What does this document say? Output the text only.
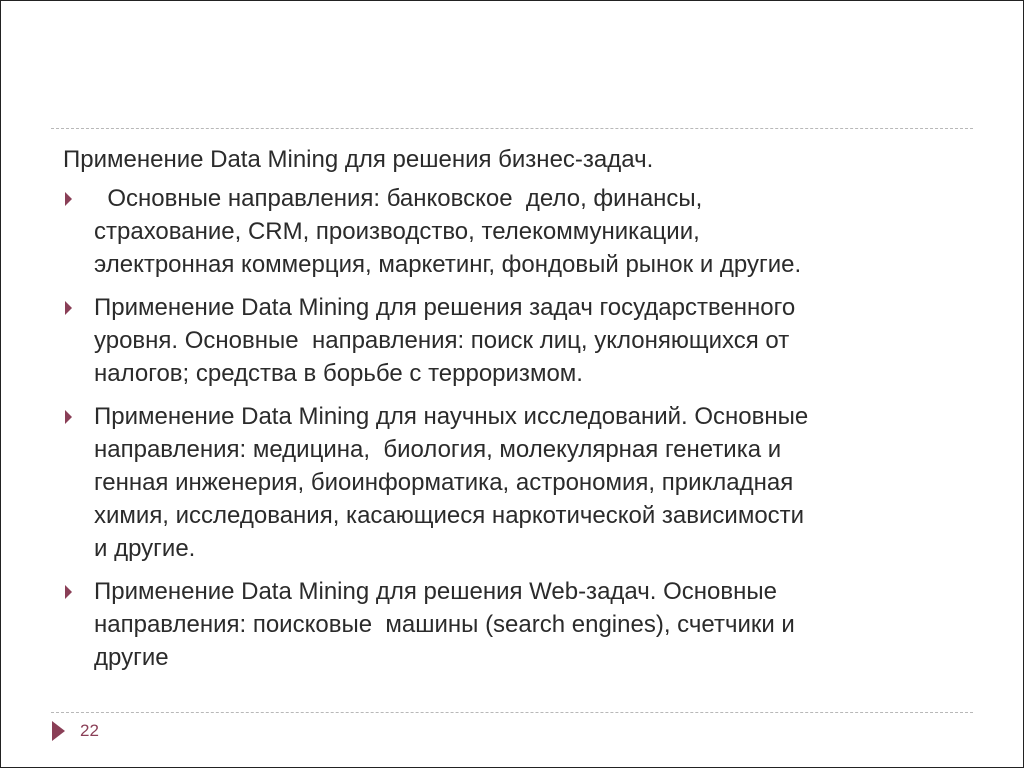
Применение Data Mining для решения бизнес-задач.
Основные направления: банковское  дело, финансы,
страхование, CRM, производство, телекоммуникации,
электронная коммерция, маркетинг, фондовый рынок и другие.
Применение Data Mining для решения задач государственного
уровня. Основные  направления: поиск лиц, уклоняющихся от
налогов; средства в борьбе с терроризмом.
Применение Data Mining для научных исследований. Основные
направления: медицина,  биология, молекулярная генетика и
генная инженерия, биоинформатика, астрономия, прикладная
химия, исследования, касающиеся наркотической зависимости
и другие.
Применение Data Mining для решения Web-задач. Основные
направления: поисковые  машины (search engines), счетчики и
другие
22
